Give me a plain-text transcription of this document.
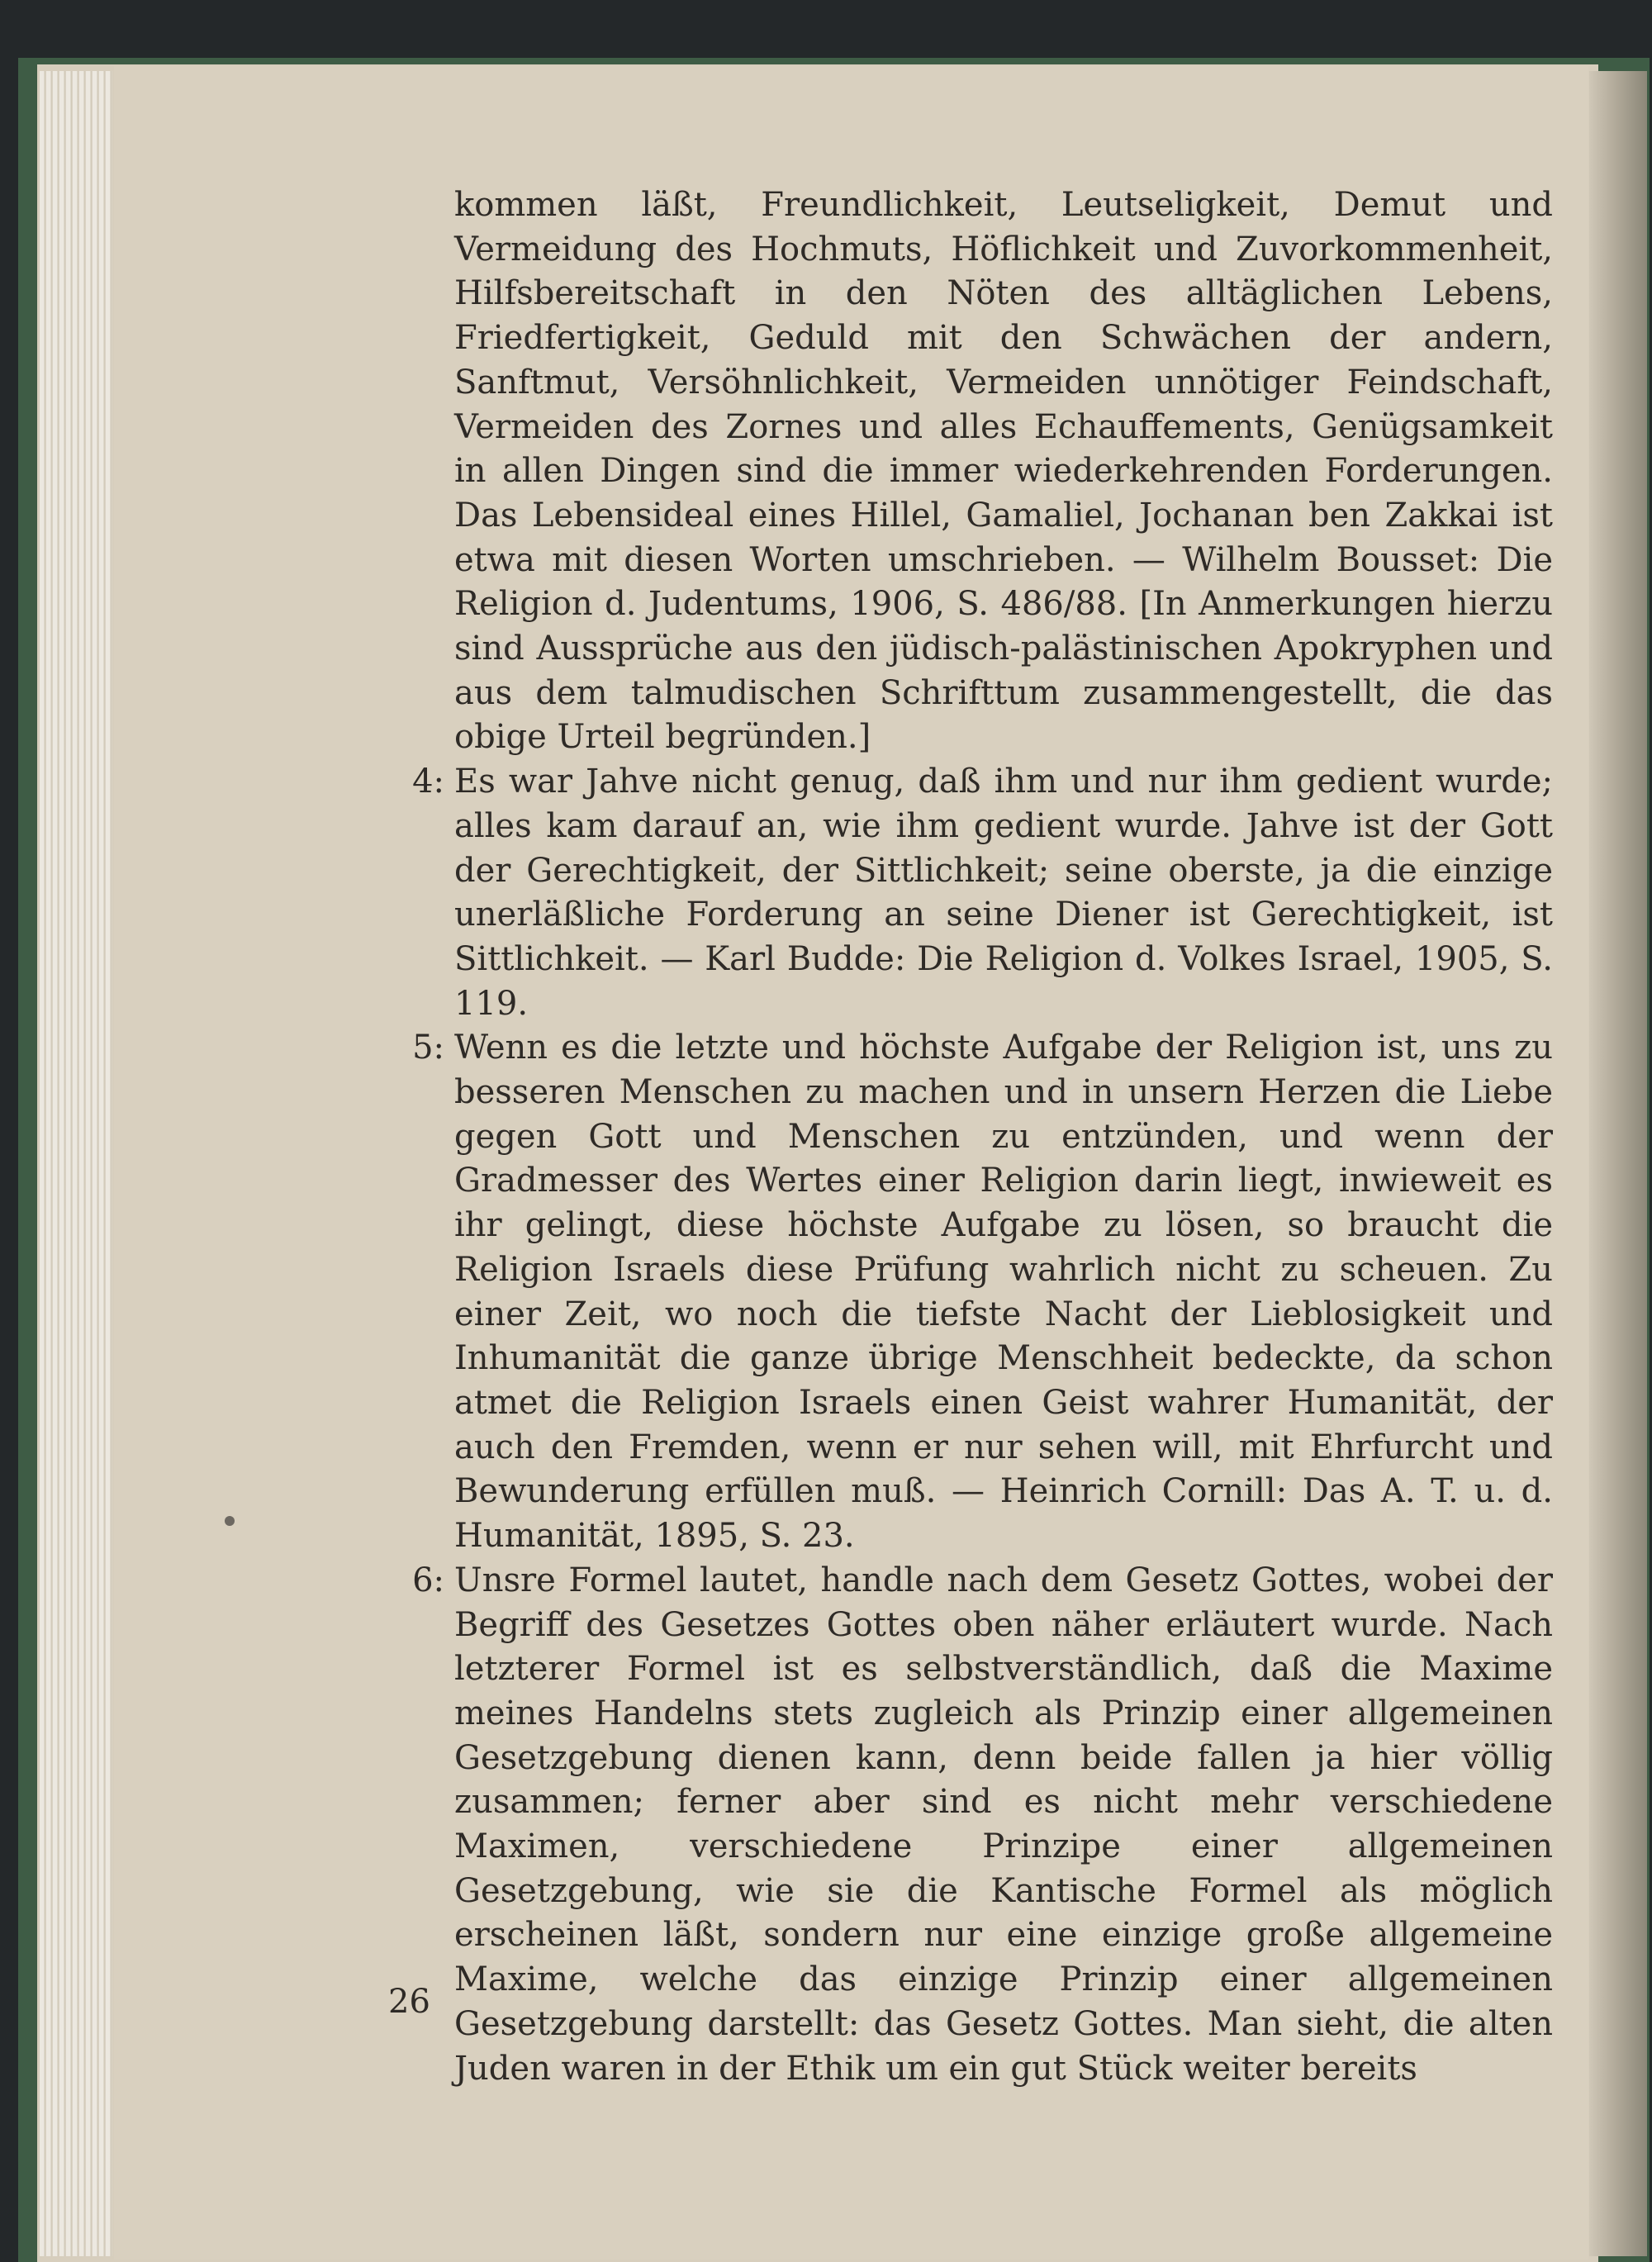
kommen läßt, Freundlichkeit, Leutseligkeit, Demut und Vermeidung des Hochmuts, Höflichkeit und Zuvorkommenheit, Hilfsbereitschaft in den Nöten des alltäglichen Lebens, Friedfertigkeit, Geduld mit den Schwächen der andern, Sanftmut, Versöhnlichkeit, Vermeiden unnötiger Feindschaft, Vermeiden des Zornes und alles Echauffements, Genügsamkeit in allen Dingen sind die immer wiederkehrenden Forderungen. Das Lebensideal eines Hillel, Gamaliel, Jochanan ben Zakkai ist etwa mit diesen Worten umschrieben. — Wilhelm Bousset: Die Religion d. Judentums, 1906, S. 486/88. [In Anmerkungen hierzu sind Aussprüche aus den jüdisch-palästinischen Apokryphen und aus dem talmudischen Schrifttum zusammengestellt, die das obige Urteil begründen.]

4: Es war Jahve nicht genug, daß ihm und nur ihm gedient wurde; alles kam darauf an, wie ihm gedient wurde. Jahve ist der Gott der Gerechtigkeit, der Sittlichkeit; seine oberste, ja die einzige unerläßliche Forderung an seine Diener ist Gerechtigkeit, ist Sittlichkeit. — Karl Budde: Die Religion d. Volkes Israel, 1905, S. 119.

5: Wenn es die letzte und höchste Aufgabe der Religion ist, uns zu besseren Menschen zu machen und in unsern Herzen die Liebe gegen Gott und Menschen zu entzünden, und wenn der Gradmesser des Wertes einer Religion darin liegt, inwieweit es ihr gelingt, diese höchste Aufgabe zu lösen, so braucht die Religion Israels diese Prüfung wahrlich nicht zu scheuen. Zu einer Zeit, wo noch die tiefste Nacht der Lieblosigkeit und Inhumanität die ganze übrige Menschheit bedeckte, da schon atmet die Religion Israels einen Geist wahrer Humanität, der auch den Fremden, wenn er nur sehen will, mit Ehrfurcht und Bewunderung erfüllen muß. — Heinrich Cornill: Das A. T. u. d. Humanität, 1895, S. 23.

6: Unsre Formel lautet, handle nach dem Gesetz Gottes, wobei der Begriff des Gesetzes Gottes oben näher erläutert wurde. Nach letzterer Formel ist es selbstverständlich, daß die Maxime meines Handelns stets zugleich als Prinzip einer allgemeinen Gesetzgebung dienen kann, denn beide fallen ja hier völlig zusammen; ferner aber sind es nicht mehr verschiedene Maximen, verschiedene Prinzipe einer allgemeinen Gesetzgebung, wie sie die Kantische Formel als möglich erscheinen läßt, sondern nur eine einzige große allgemeine Maxime, welche das einzige Prinzip einer allgemeinen Gesetzgebung darstellt: das Gesetz Gottes. Man sieht, die alten Juden waren in der Ethik um ein gut Stück weiter bereits

26
